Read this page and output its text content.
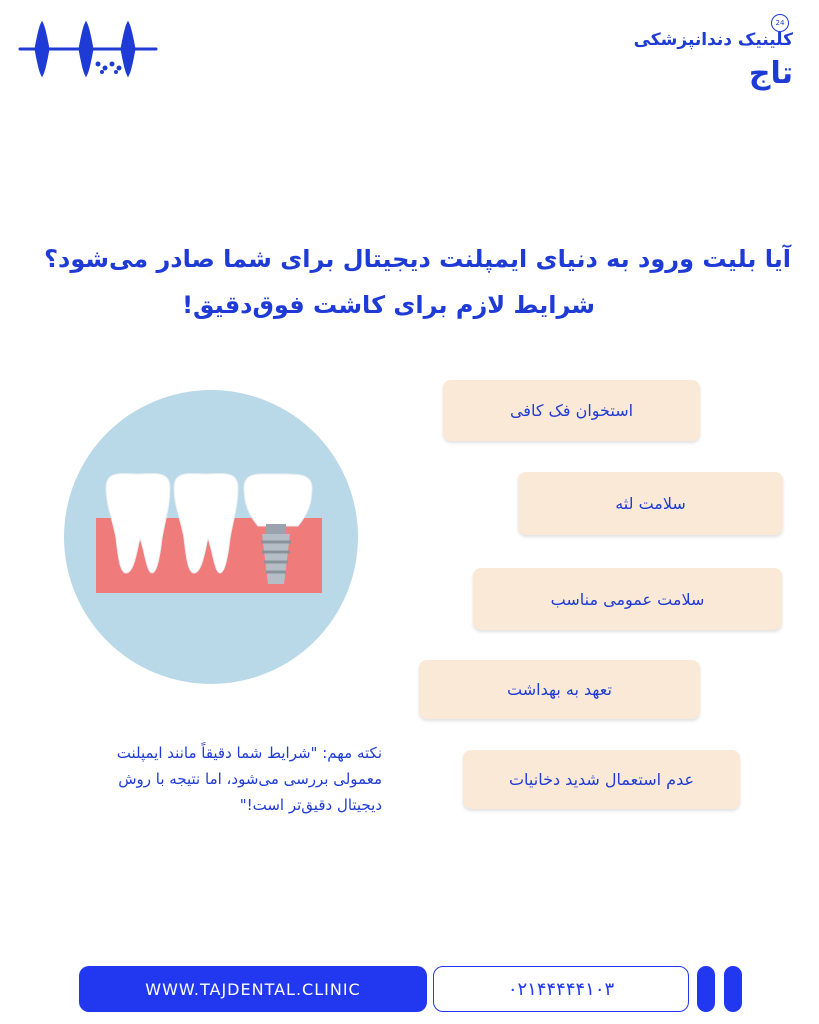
24
کلینیک دندانپزشکی
تاج
آیا بلیت ورود به دنیای ایمپلنت دیجیتال برای شما صادر می‌شود؟
شرایط لازم برای کاشت فوق‌دقیق!
استخوان فک کافی
سلامت لثه
سلامت عمومی مناسب
تعهد به بهداشت
عدم استعمال شدید دخانیات
نکته مهم: "شرایط شما دقیقاً مانند ایمپلنت
معمولی بررسی می‌شود، اما نتیجه با روش
دیجیتال دقیق‌تر است!"
WWW.TAJDENTAL.CLINIC	۰۲۱۴۴۴۴۴۱۰۳
